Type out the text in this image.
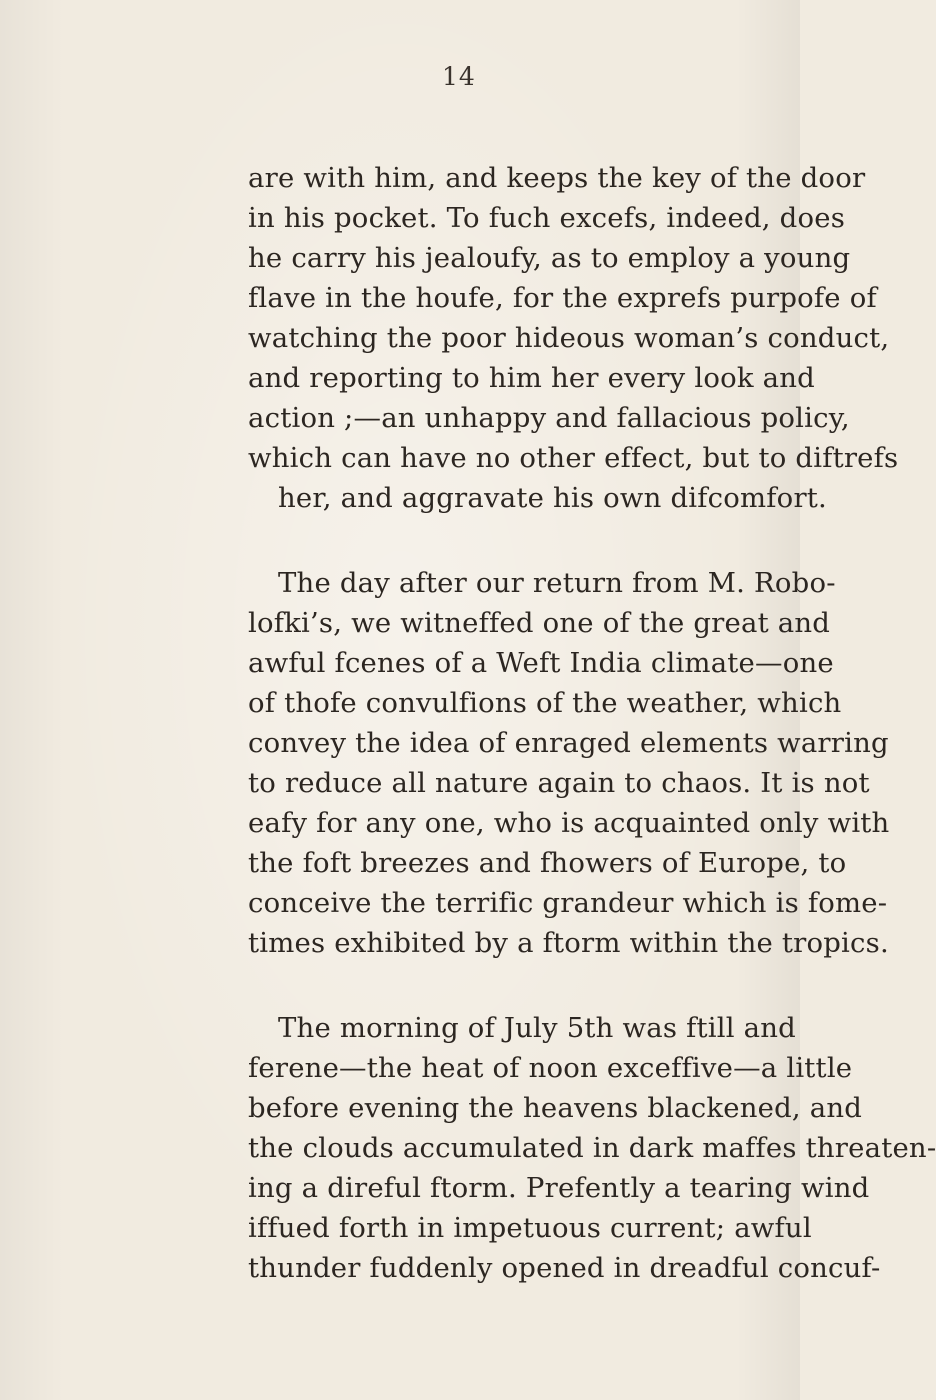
14
are with him, and keeps the key of the door
in his pocket. To fuch excefs, indeed, does
he carry his jealoufy, as to employ a young
flave in the houfe, for the exprefs purpofe of
watching the poor hideous woman’s conduct,
and reporting to him her every look and
action ;—an unhappy and fallacious policy,
which can have no other effect, but to diftrefs
her, and aggravate his own difcomfort.
The day after our return from M. Robo-
lofki’s, we witneffed one of the great and
awful fcenes of a Weft India climate—one
of thofe convulfions of the weather, which
convey the idea of enraged elements warring
to reduce all nature again to chaos. It is not
eafy for any one, who is acquainted only with
the foft breezes and fhowers of Europe, to
conceive the terrific grandeur which is fome-
times exhibited by a ftorm within the tropics.
The morning of July 5th was ftill and
ferene—the heat of noon exceffive—a little
before evening the heavens blackened, and
the clouds accumulated in dark maffes threaten-
ing a direful ftorm. Prefently a tearing wind
iffued forth in impetuous current; awful
thunder fuddenly opened in dreadful concuf-
